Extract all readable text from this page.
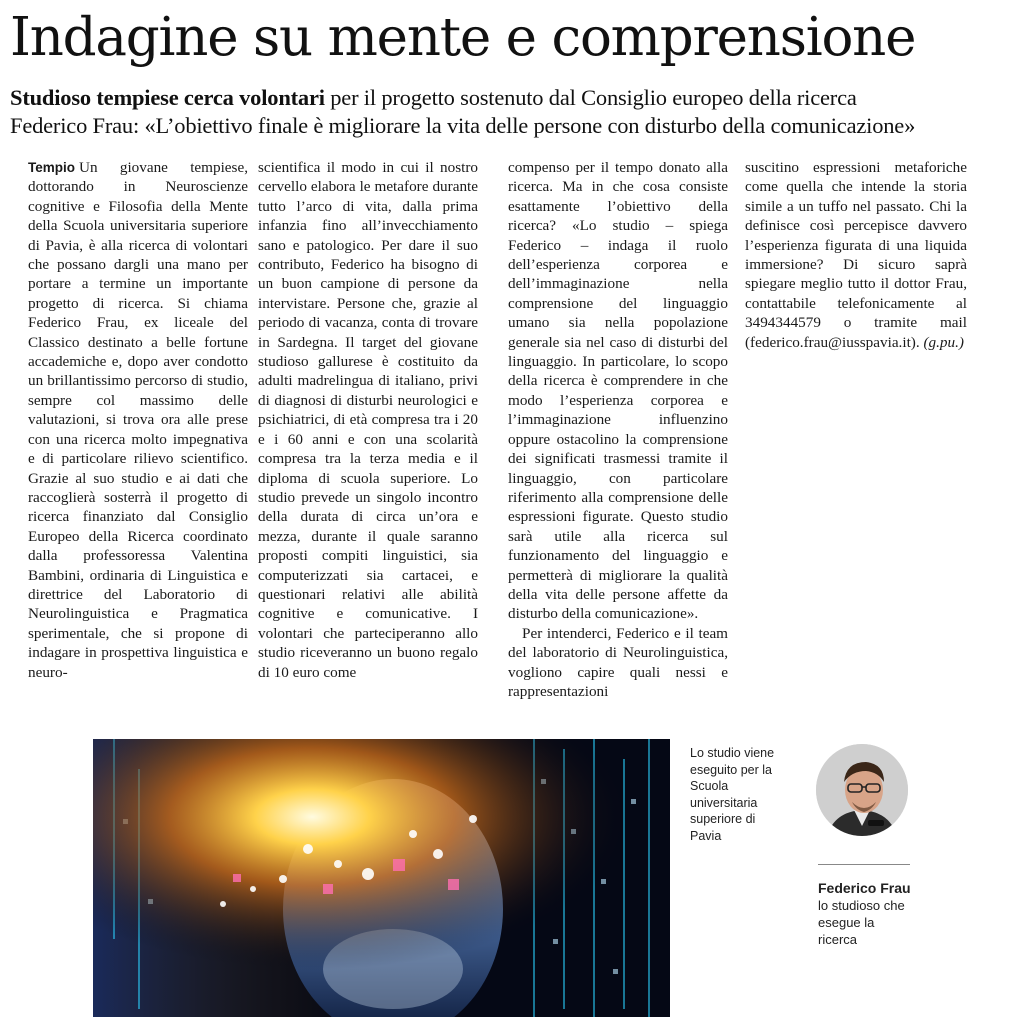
Indagine su mente e comprensione
Studioso tempiese cerca volontari per il progetto sostenuto dal Consiglio europeo della ricerca
Federico Frau: «L’obiettivo finale è migliorare la vita delle persone con disturbo della comunicazione»

Tempio Un giovane tempiese, dottorando in Neuroscienze cognitive e Filosofia della Mente della Scuola universitaria superiore di Pavia, è alla ricerca di volontari che possano dargli una mano per portare a termine un importante progetto di ricerca. Si chiama Federico Frau, ex liceale del Classico destinato a belle fortune accademiche e, dopo aver condotto un brillantissimo percorso di studio, sempre col massimo delle valutazioni, si trova ora alle prese con una ricerca molto impegnativa e di particolare rilievo scientifico. Grazie al suo studio e ai dati che raccoglierà sosterrà il progetto di ricerca finanziato dal Consiglio Europeo della Ricerca coordinato dalla professoressa Valentina Bambini, ordinaria di Linguistica e direttrice del Laboratorio di Neurolinguistica e Pragmatica sperimentale, che si propone di indagare in prospettiva linguistica e neuro-

scientifica il modo in cui il nostro cervello elabora le metafore durante tutto l’arco di vita, dalla prima infanzia fino all’invecchiamento sano e patologico. Per dare il suo contributo, Federico ha bisogno di un buon campione di persone da intervistare. Persone che, grazie al periodo di vacanza, conta di trovare in Sardegna. Il target del giovane studioso gallurese è costituito da adulti madrelingua di italiano, privi di diagnosi di disturbi neurologici e psichiatrici, di età compresa tra i 20 e i 60 anni e con una scolarità compresa tra la terza media e il diploma di scuola superiore. Lo studio prevede un singolo incontro della durata di circa un’ora e mezza, durante il quale saranno proposti compiti linguistici, sia computerizzati sia cartacei, e questionari relativi alle abilità cognitive e comunicative. I volontari che parteciperanno allo studio riceveranno un buono regalo di 10 euro come

compenso per il tempo donato alla ricerca. Ma in che cosa consiste esattamente l’obiettivo della ricerca? «Lo studio – spiega Federico – indaga il ruolo dell’esperienza corporea e dell’immaginazione nella comprensione del linguaggio umano sia nella popolazione generale sia nel caso di disturbi del linguaggio. In particolare, lo scopo della ricerca è comprendere in che modo l’esperienza corporea e l’immaginazione influenzino oppure ostacolino la comprensione dei significati trasmessi tramite il linguaggio, con particolare riferimento alla comprensione delle espressioni figurate. Questo studio sarà utile alla ricerca sul funzionamento del linguaggio e permetterà di migliorare la qualità della vita delle persone affette da disturbo della comunicazione».

Per intenderci, Federico e il team del laboratorio di Neurolinguistica, vogliono capire quali nessi e rappresentazioni

suscitino espressioni metaforiche come quella che intende la storia simile a un tuffo nel passato. Chi la definisce così percepisce davvero l’esperienza figurata di una liquida immersione? Di sicuro saprà spiegare meglio tutto il dottor Frau, contattabile telefonicamente al 3494344579 o tramite mail (federico.frau@iusspavia.it). (g.pu.)

Lo studio viene eseguito per la Scuola universitaria superiore di Pavia
Federico Frau
lo studioso che esegue la ricerca
